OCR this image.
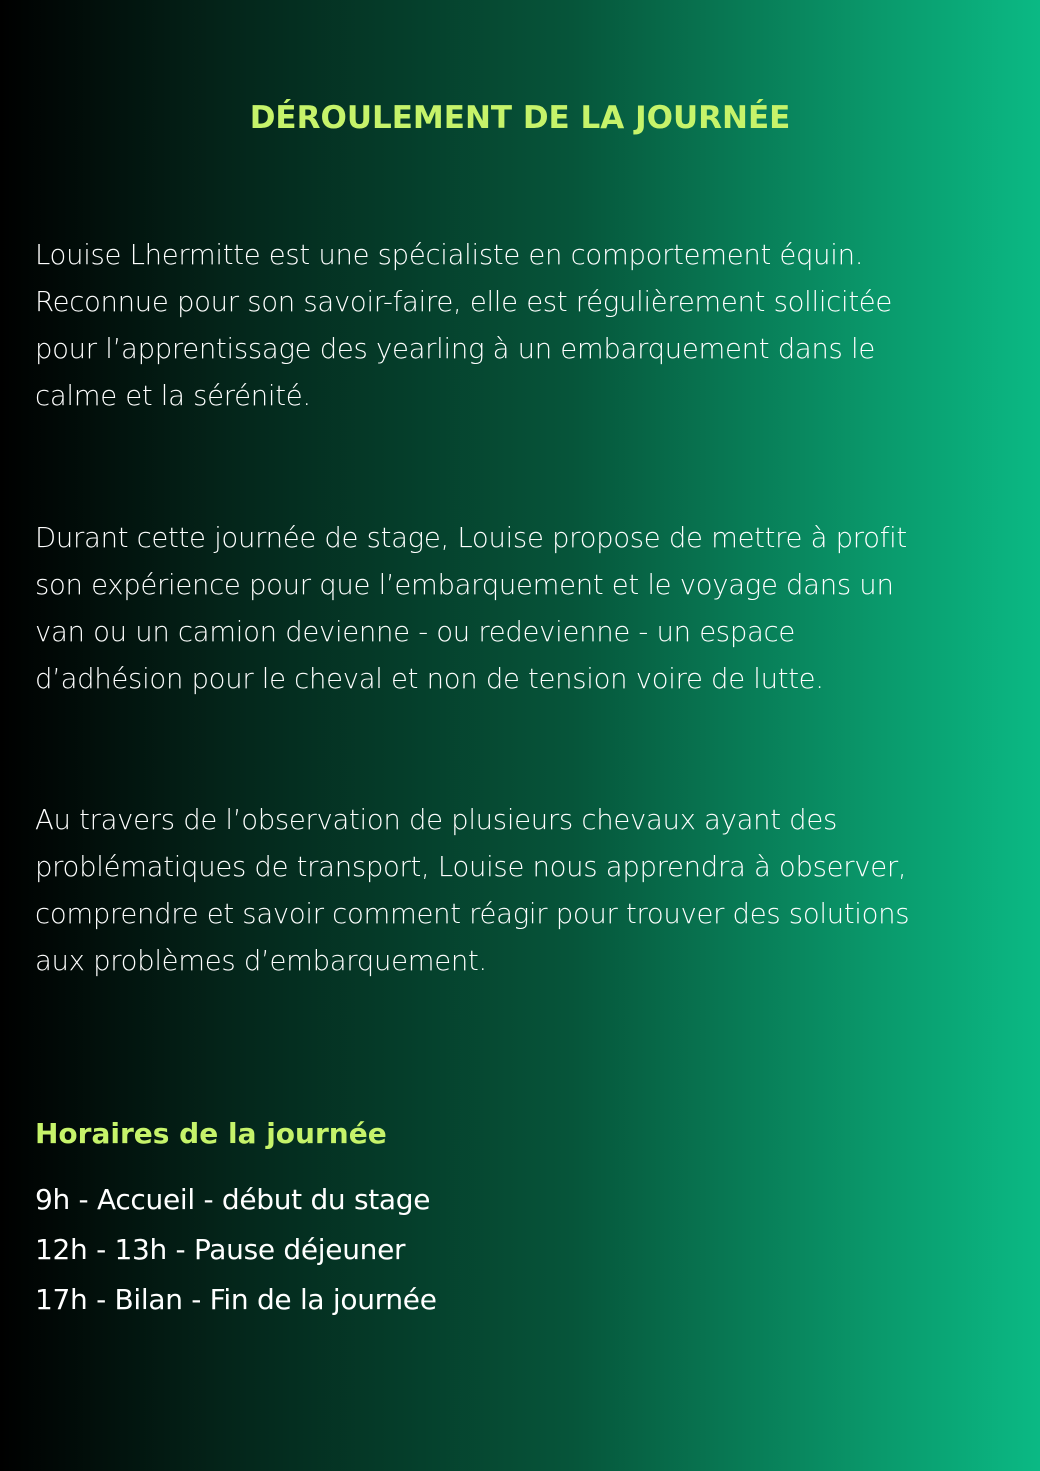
DÉROULEMENT DE LA JOURNÉE
Louise Lhermitte est une spécialiste en comportement équin.
Reconnue pour son savoir-faire, elle est régulièrement sollicitée
pour l’apprentissage des yearling à un embarquement dans le
calme et la sérénité.
Durant cette journée de stage, Louise propose de mettre à profit
son expérience pour que l’embarquement et le voyage dans un
van ou un camion devienne - ou redevienne - un espace
d’adhésion pour le cheval et non de tension voire de lutte.
Au travers de l’observation de plusieurs chevaux ayant des
problématiques de transport, Louise nous apprendra à observer,
comprendre et savoir comment réagir pour trouver des solutions
aux problèmes d’embarquement.
Horaires de la journée
9h - Accueil - début du stage
12h - 13h - Pause déjeuner
17h - Bilan - Fin de la journée
